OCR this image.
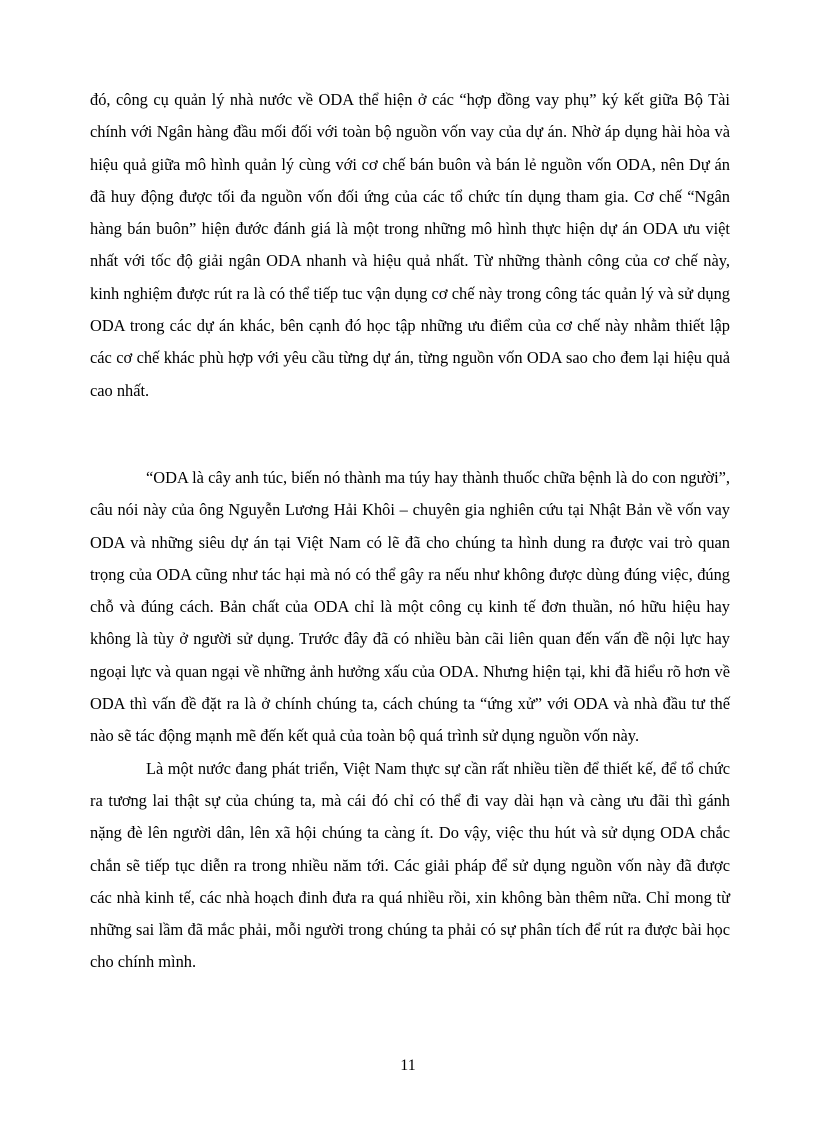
đó, công cụ quản lý nhà nước về ODA thể hiện ở các “hợp đồng vay phụ” ký kết giữa Bộ Tài chính với Ngân hàng đầu mối đối với toàn bộ nguồn vốn vay của dự án. Nhờ áp dụng hài hòa và hiệu quả giữa mô hình quản lý cùng với cơ chế bán buôn và bán lẻ nguồn vốn ODA, nên Dự án đã huy động được tối đa nguồn vốn đối ứng của các tổ chức tín dụng tham gia. Cơ chế “Ngân hàng bán buôn” hiện đước đánh giá là một trong những mô hình thực hiện dự án ODA ưu việt nhất với tốc độ giải ngân ODA nhanh và hiệu quả nhất. Từ những thành công của cơ chế này, kinh nghiệm được rút ra là có thể tiếp tuc vận dụng cơ chế này trong công tác quản lý và sử dụng ODA trong các dự án khác, bên cạnh đó học tập những ưu điểm của cơ chế này nhằm thiết lập các cơ chế khác phù hợp với yêu cầu từng dự án, từng nguồn vốn ODA sao cho đem lại hiệu quả cao nhất.

“ODA là cây anh túc, biến nó thành ma túy hay thành thuốc chữa bệnh là do con người”, câu nói này của ông Nguyễn Lương Hải Khôi – chuyên gia nghiên cứu tại Nhật Bản về vốn vay ODA và những siêu dự án tại Việt Nam có lẽ đã cho chúng ta hình dung ra được vai trò quan trọng của ODA cũng như tác hại mà nó có thể gây ra nếu như không được dùng đúng việc, đúng chỗ và đúng cách. Bản chất của ODA chỉ là một công cụ kinh tế đơn thuần, nó hữu hiệu hay không là tùy ở người sử dụng. Trước đây đã có nhiều bàn cãi liên quan đến vấn đề nội lực hay ngoại lực và quan ngại về những ảnh hưởng xấu của ODA. Nhưng hiện tại, khi đã hiểu rõ hơn về ODA thì vấn đề đặt ra là ở chính chúng ta, cách chúng ta “ứng xử” với ODA và nhà đầu tư thế nào sẽ tác động mạnh mẽ đến kết quả của toàn bộ quá trình sử dụng nguồn vốn này.

Là một nước đang phát triển, Việt Nam thực sự cần rất nhiều tiền để thiết kế, để tổ chức ra tương lai thật sự của chúng ta, mà cái đó chỉ có thể đi vay dài hạn và càng ưu đãi thì gánh nặng đè lên người dân, lên xã hội chúng ta càng ít. Do vậy, việc thu hút và sử dụng ODA chắc chắn sẽ tiếp tục diễn ra trong nhiều năm tới. Các giải pháp để sử dụng nguồn vốn này đã được các nhà kinh tế, các nhà hoạch đinh đưa ra quá nhiều rồi, xin không bàn thêm nữa. Chỉ mong từ những sai lầm đã mắc phải, mỗi người trong chúng ta phải có sự phân tích để rút ra được bài học cho chính mình.

11
